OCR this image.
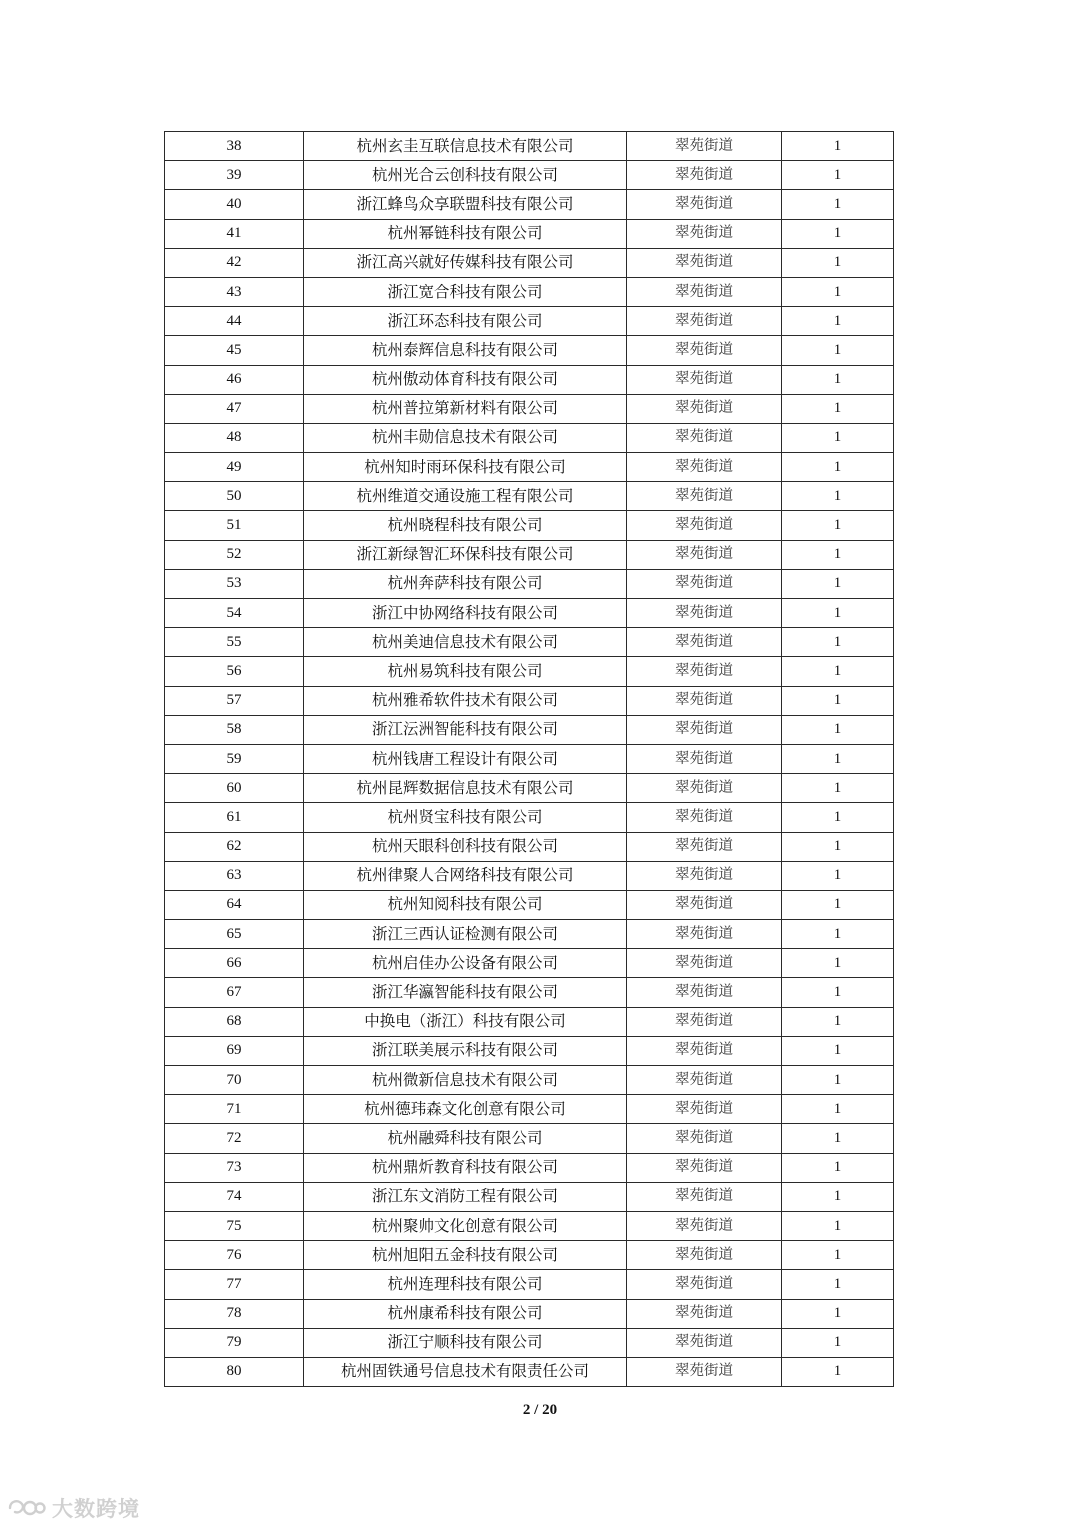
38	杭州玄圭互联信息技术有限公司	翠苑街道	1
39	杭州光合云创科技有限公司	翠苑街道	1
40	浙江蜂鸟众享联盟科技有限公司	翠苑街道	1
41	杭州幂链科技有限公司	翠苑街道	1
42	浙江高兴就好传媒科技有限公司	翠苑街道	1
43	浙江宽合科技有限公司	翠苑街道	1
44	浙江环态科技有限公司	翠苑街道	1
45	杭州泰辉信息科技有限公司	翠苑街道	1
46	杭州傲动体育科技有限公司	翠苑街道	1
47	杭州普拉第新材料有限公司	翠苑街道	1
48	杭州丰勋信息技术有限公司	翠苑街道	1
49	杭州知时雨环保科技有限公司	翠苑街道	1
50	杭州维道交通设施工程有限公司	翠苑街道	1
51	杭州晓程科技有限公司	翠苑街道	1
52	浙江新绿智汇环保科技有限公司	翠苑街道	1
53	杭州奔萨科技有限公司	翠苑街道	1
54	浙江中协网络科技有限公司	翠苑街道	1
55	杭州美迪信息技术有限公司	翠苑街道	1
56	杭州易筑科技有限公司	翠苑街道	1
57	杭州雅希软件技术有限公司	翠苑街道	1
58	浙江沄洲智能科技有限公司	翠苑街道	1
59	杭州钱唐工程设计有限公司	翠苑街道	1
60	杭州昆辉数据信息技术有限公司	翠苑街道	1
61	杭州贤宝科技有限公司	翠苑街道	1
62	杭州天眼科创科技有限公司	翠苑街道	1
63	杭州律聚人合网络科技有限公司	翠苑街道	1
64	杭州知阅科技有限公司	翠苑街道	1
65	浙江三西认证检测有限公司	翠苑街道	1
66	杭州启佳办公设备有限公司	翠苑街道	1
67	浙江华瀛智能科技有限公司	翠苑街道	1
68	中换电（浙江）科技有限公司	翠苑街道	1
69	浙江联美展示科技有限公司	翠苑街道	1
70	杭州微新信息技术有限公司	翠苑街道	1
71	杭州德玮森文化创意有限公司	翠苑街道	1
72	杭州融舜科技有限公司	翠苑街道	1
73	杭州鼎炘教育科技有限公司	翠苑街道	1
74	浙江东文消防工程有限公司	翠苑街道	1
75	杭州聚帅文化创意有限公司	翠苑街道	1
76	杭州旭阳五金科技有限公司	翠苑街道	1
77	杭州连理科技有限公司	翠苑街道	1
78	杭州康希科技有限公司	翠苑街道	1
79	浙江宁顺科技有限公司	翠苑街道	1
80	杭州固铁通号信息技术有限责任公司	翠苑街道	1
2 / 20
大数跨境
